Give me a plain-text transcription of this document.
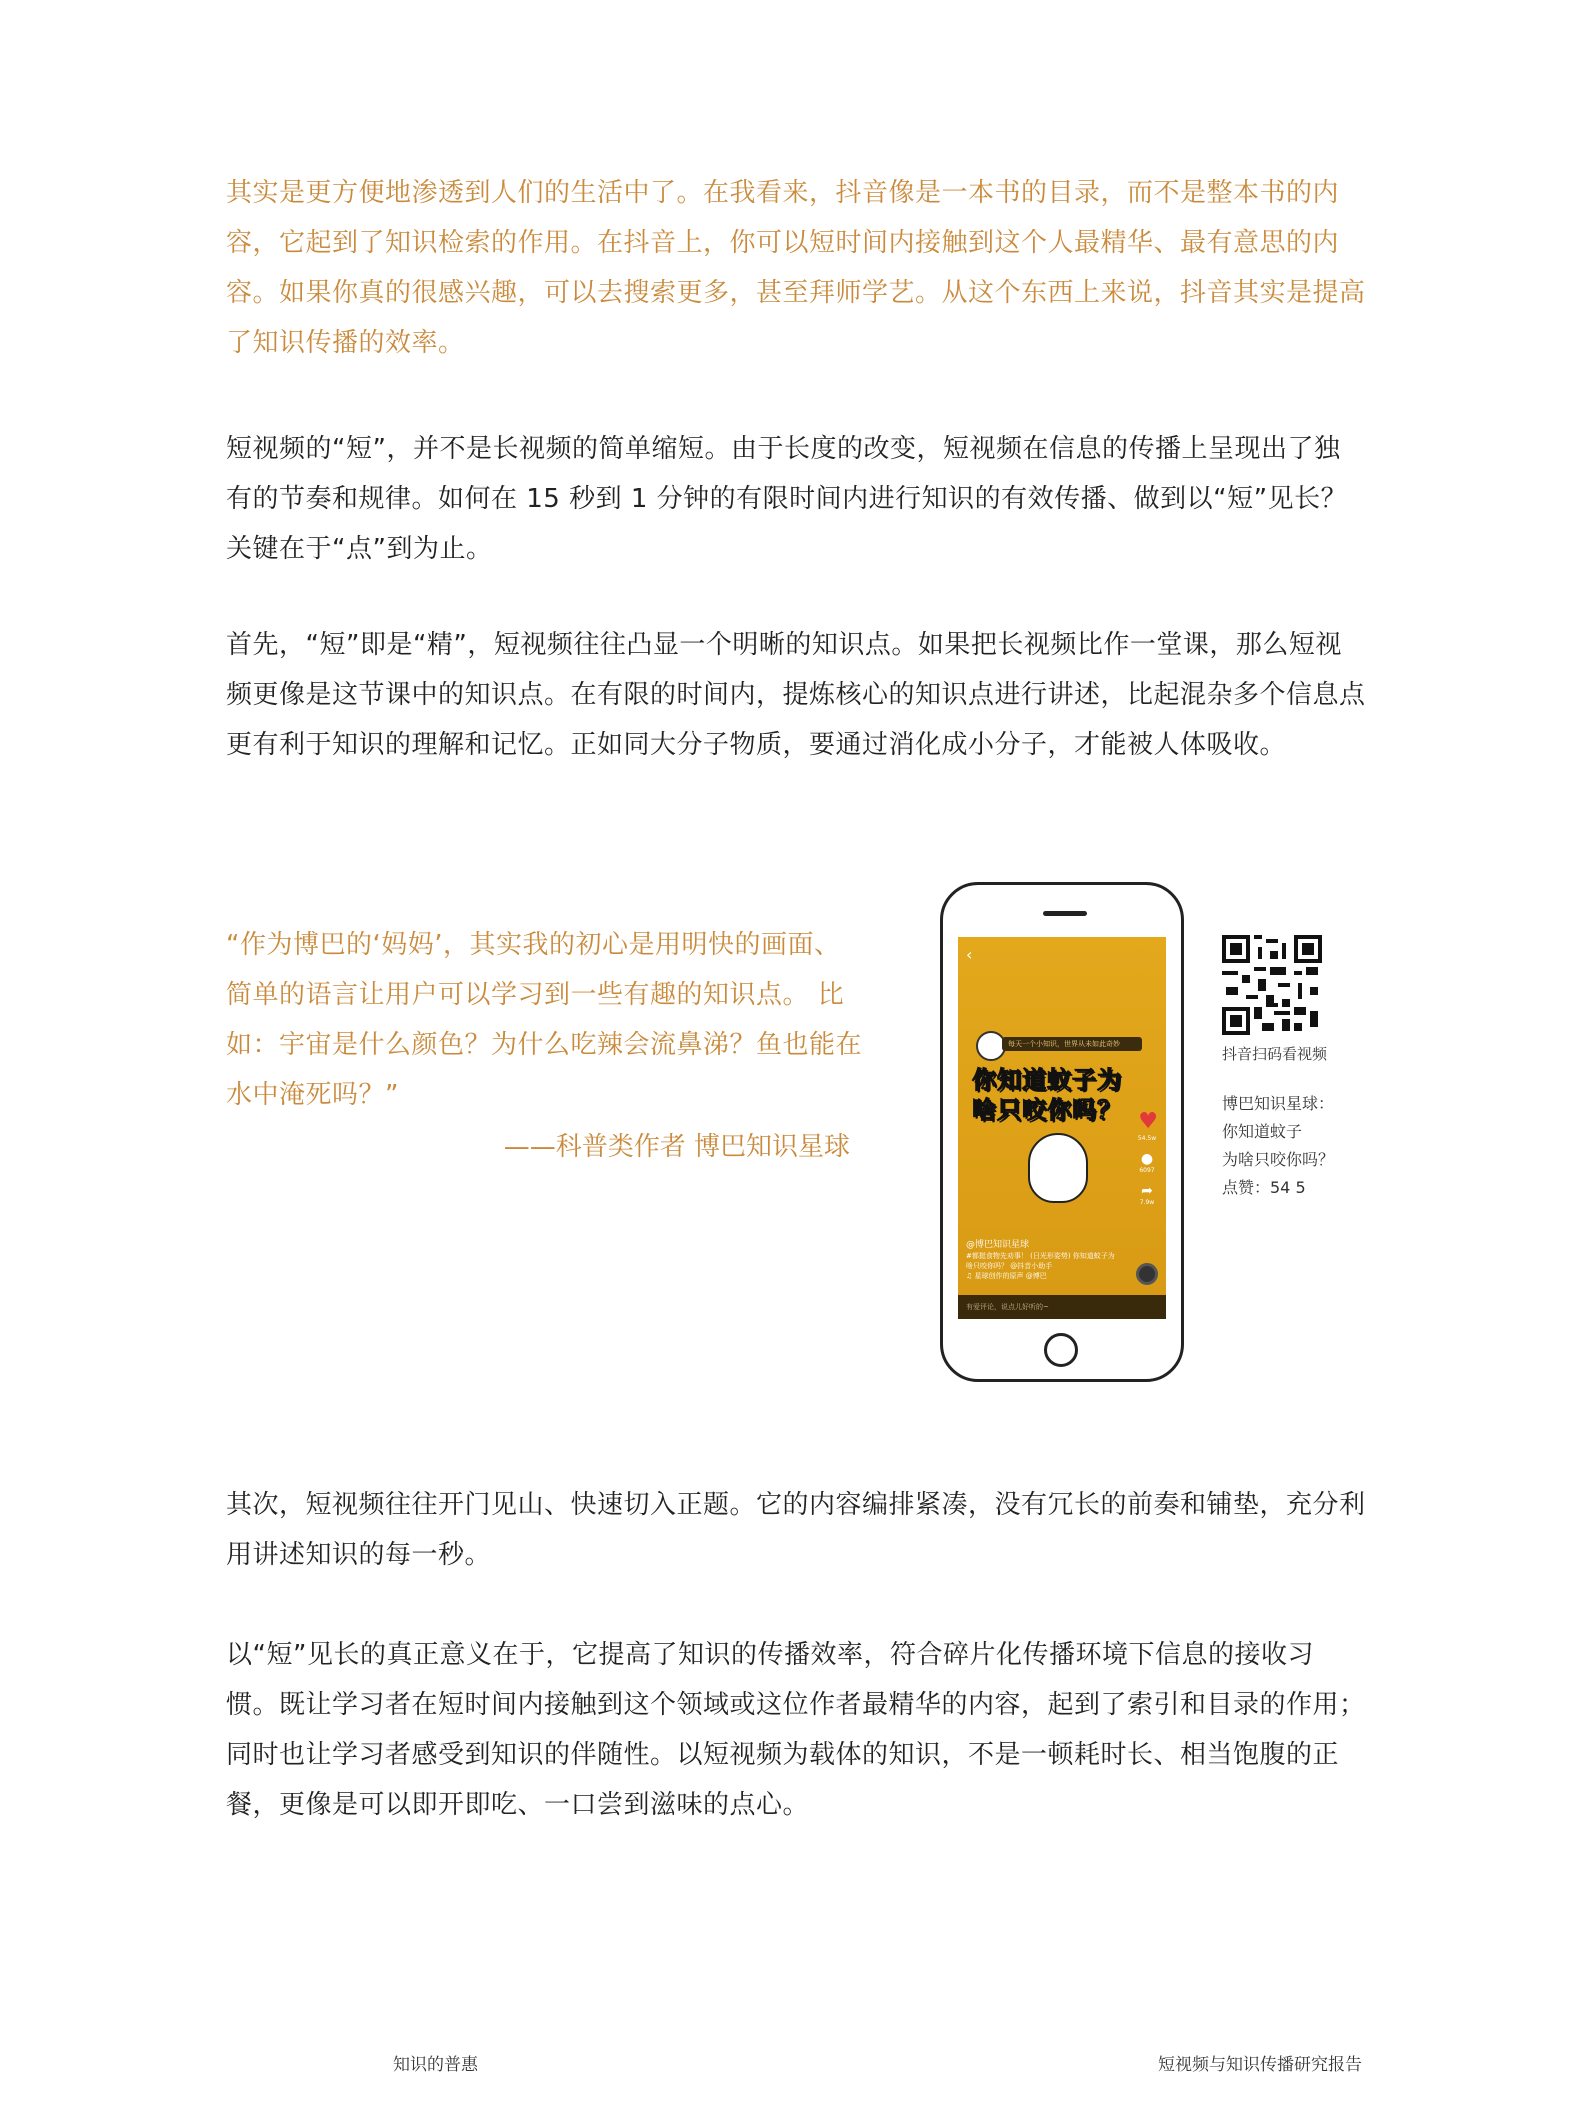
其实是更方便地渗透到人们的生活中了。在我看来，抖音像是一本书的目录，而不是整本书的内容，它起到了知识检索的作用。在抖音上，你可以短时间内接触到这个人最精华、最有意思的内容。如果你真的很感兴趣，可以去搜索更多，甚至拜师学艺。从这个东西上来说，抖音其实是提高了知识传播的效率。

短视频的“短”，并不是长视频的简单缩短。由于长度的改变，短视频在信息的传播上呈现出了独有的节奏和规律。如何在 15 秒到 1 分钟的有限时间内进行知识的有效传播、做到以“短”见长？关键在于“点”到为止。

首先，“短”即是“精”，短视频往往凸显一个明晰的知识点。如果把长视频比作一堂课，那么短视频更像是这节课中的知识点。在有限的时间内，提炼核心的知识点进行讲述，比起混杂多个信息点更有利于知识的理解和记忆。正如同大分子物质，要通过消化成小分子，才能被人体吸收。

“作为博巴的‘妈妈’，其实我的初心是用明快的画面、简单的语言让用户可以学习到一些有趣的知识点。 比如：宇宙是什么颜色？为什么吃辣会流鼻涕？鱼也能在水中淹死吗？”
——科普类作者 博巴知识星球
‹
每天一个小知识，世界从未如此奇妙
你知道蚊子为
啥只咬你吗？ ♥
54.5w
●
6097
➦
7.9w
@博巴知识星球
#都挺食物先劝事！ (日光形姿势) 你知道蚊子为啥只咬你吗？ @抖音小助手
♫ 星球创作的原声 @博巴
有爱评论，说点儿好听的~
抖音扫码看视频
博巴知识星球：
你知道蚊子
为啥只咬你吗？
点赞：54 5

其次，短视频往往开门见山、快速切入正题。它的内容编排紧凑，没有冗长的前奏和铺垫，充分利用讲述知识的每一秒。

以“短”见长的真正意义在于，它提高了知识的传播效率，符合碎片化传播环境下信息的接收习惯。既让学习者在短时间内接触到这个领域或这位作者最精华的内容，起到了索引和目录的作用；同时也让学习者感受到知识的伴随性。以短视频为载体的知识，不是一顿耗时长、相当饱腹的正餐，更像是可以即开即吃、一口尝到滋味的点心。

知识的普惠	短视频与知识传播研究报告
